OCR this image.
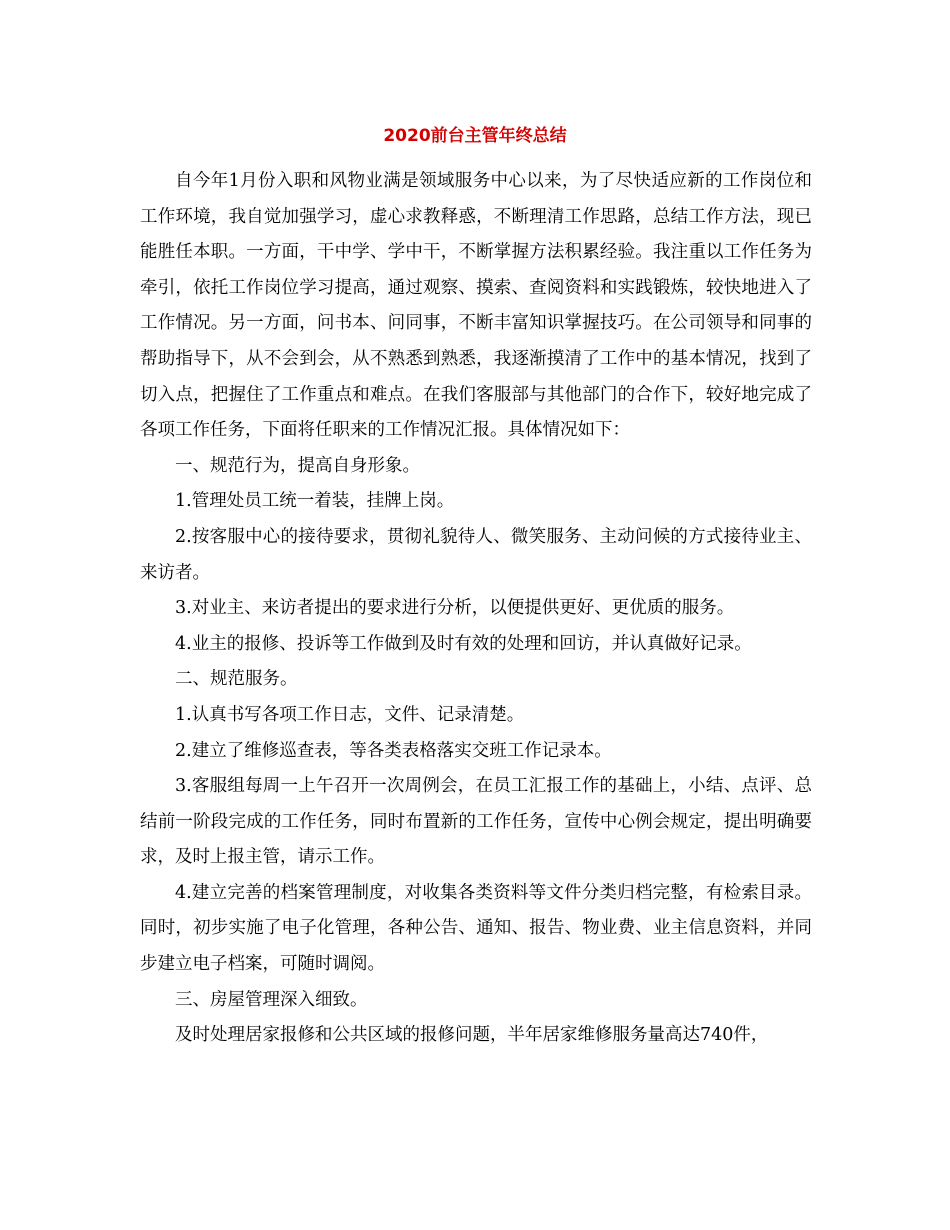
2020前台主管年终总结

自今年1月份入职和风物业满是领域服务中心以来，为了尽快适应新的工作岗位和工作环境，我自觉加强学习，虚心求教释惑，不断理清工作思路，总结工作方法，现已能胜任本职。一方面，干中学、学中干，不断掌握方法积累经验。我注重以工作任务为牵引，依托工作岗位学习提高，通过观察、摸索、查阅资料和实践锻炼，较快地进入了工作情况。另一方面，问书本、问同事，不断丰富知识掌握技巧。在公司领导和同事的帮助指导下，从不会到会，从不熟悉到熟悉，我逐渐摸清了工作中的基本情况，找到了切入点，把握住了工作重点和难点。在我们客服部与其他部门的合作下，较好地完成了各项工作任务，下面将任职来的工作情况汇报。具体情况如下：

一、规范行为，提高自身形象。

1.管理处员工统一着装，挂牌上岗。

2.按客服中心的接待要求，贯彻礼貌待人、微笑服务、主动问候的方式接待业主、来访者。

3.对业主、来访者提出的要求进行分析，以便提供更好、更优质的服务。

4.业主的报修、投诉等工作做到及时有效的处理和回访，并认真做好记录。

二、规范服务。

1.认真书写各项工作日志，文件、记录清楚。

2.建立了维修巡查表，等各类表格落实交班工作记录本。

3.客服组每周一上午召开一次周例会，在员工汇报工作的基础上，小结、点评、总结前一阶段完成的工作任务，同时布置新的工作任务，宣传中心例会规定，提出明确要求，及时上报主管，请示工作。

4.建立完善的档案管理制度，对收集各类资料等文件分类归档完整，有检索目录。同时，初步实施了电子化管理，各种公告、通知、报告、物业费、业主信息资料，并同步建立电子档案，可随时调阅。

三、房屋管理深入细致。

及时处理居家报修和公共区域的报修问题，半年居家维修服务量高达740件，
